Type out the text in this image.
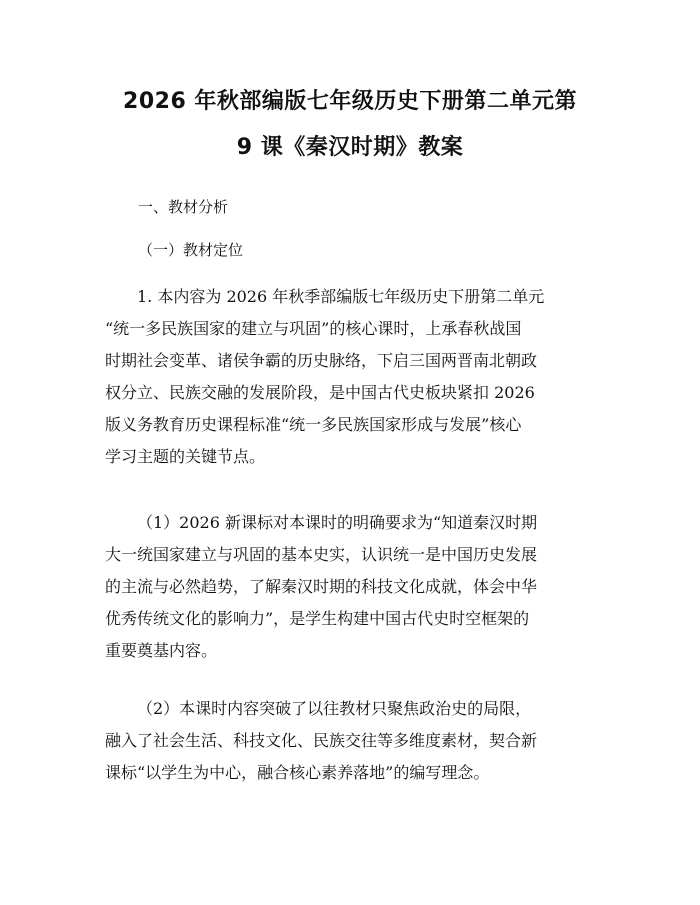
2026 年秋部编版七年级历史下册第二单元第
9 课《秦汉时期》教案

一、教材分析

（一）教材定位

1. 本内容为 2026 年秋季部编版七年级历史下册第二单元
“统一多民族国家的建立与巩固”的核心课时，上承春秋战国
时期社会变革、诸侯争霸的历史脉络，下启三国两晋南北朝政
权分立、民族交融的发展阶段，是中国古代史板块紧扣 2026
版义务教育历史课程标准“统一多民族国家形成与发展”核心
学习主题的关键节点。

（1）2026 新课标对本课时的明确要求为“知道秦汉时期
大一统国家建立与巩固的基本史实，认识统一是中国历史发展
的主流与必然趋势，了解秦汉时期的科技文化成就，体会中华
优秀传统文化的影响力”，是学生构建中国古代史时空框架的
重要奠基内容。

（2）本课时内容突破了以往教材只聚焦政治史的局限，
融入了社会生活、科技文化、民族交往等多维度素材，契合新
课标“以学生为中心，融合核心素养落地”的编写理念。
